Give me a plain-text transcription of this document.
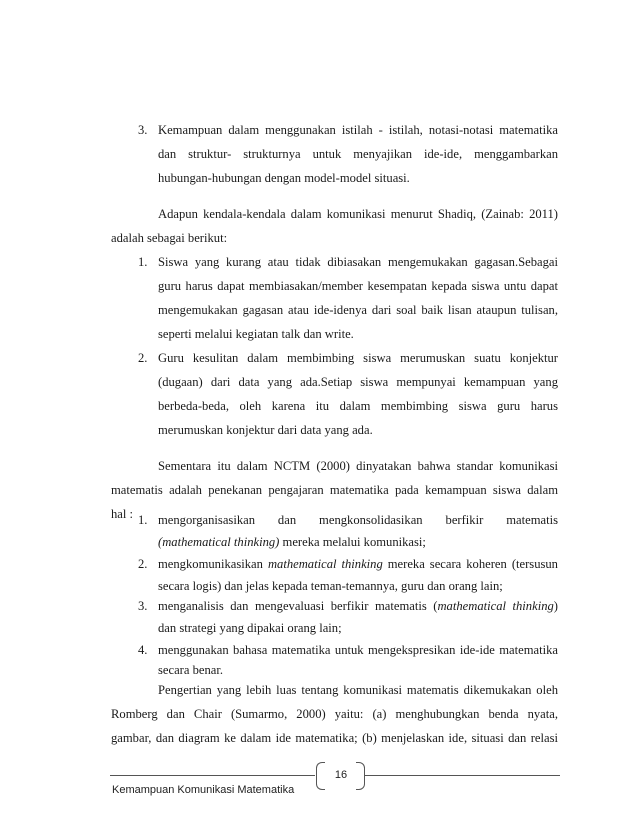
3. Kemampuan dalam menggunakan istilah - istilah, notasi-notasi matematika

dan struktur- strukturnya untuk menyajikan ide-ide, menggambarkan

hubungan-hubungan dengan model-model situasi.

Adapun kendala-kendala dalam komunikasi menurut Shadiq, (Zainab: 2011)

adalah sebagai berikut:

1. Siswa yang kurang atau tidak dibiasakan mengemukakan gagasan.Sebagai

guru harus dapat membiasakan/member kesempatan kepada siswa untu dapat

mengemukakan gagasan atau ide-idenya dari soal baik lisan ataupun tulisan,

seperti melalui kegiatan talk dan write.

2. Guru kesulitan dalam membimbing siswa merumuskan suatu konjektur

(dugaan) dari data yang ada.Setiap siswa mempunyai kemampuan yang

berbeda-beda, oleh karena itu dalam membimbing siswa guru harus

merumuskan konjektur dari data yang ada.

Sementara itu dalam NCTM (2000) dinyatakan bahwa standar komunikasi

matematis adalah penekanan pengajaran matematika pada kemampuan siswa dalam

hal : 1. mengorganisasikan dan mengkonsolidasikan berfikir matematis

(mathematical thinking) mereka melalui komunikasi;

2. mengkomunikasikan mathematical thinking mereka secara koheren (tersusun

secara logis) dan jelas kepada teman-temannya, guru dan orang lain;

3. menganalisis dan mengevaluasi berfikir matematis (mathematical thinking)

dan strategi yang dipakai orang lain;

4. menggunakan bahasa matematika untuk mengekspresikan ide-ide matematika

secara benar.

Pengertian yang lebih luas tentang komunikasi matematis dikemukakan oleh

Romberg dan Chair (Sumarmo, 2000) yaitu: (a) menghubungkan benda nyata,

16
Kemampuan Komunikasi Matematika

gambar, dan diagram ke dalam ide matematika; (b) menjelaskan ide, situasi dan relasi
